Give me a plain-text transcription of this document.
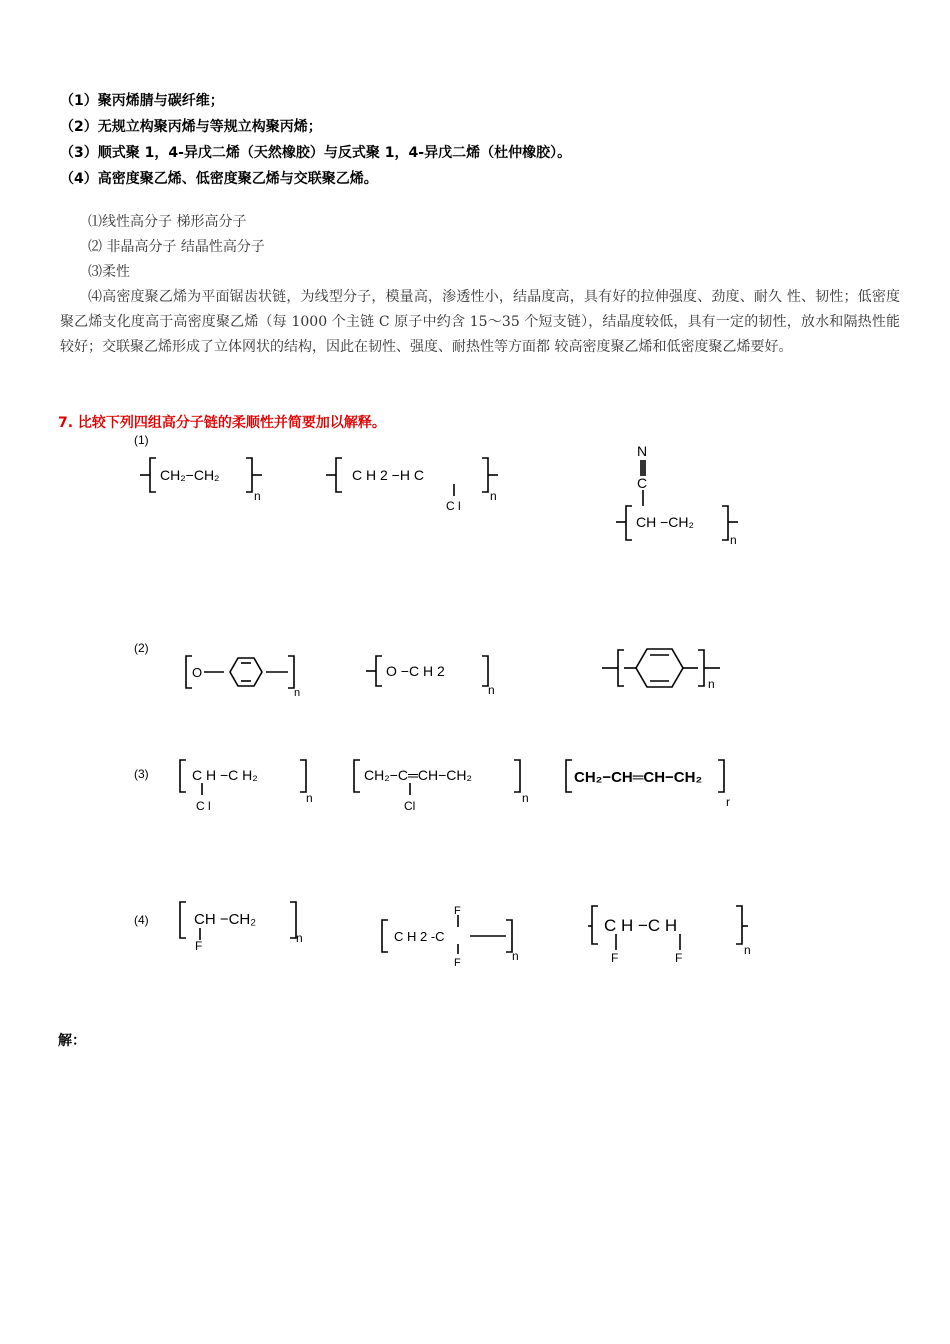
（1）聚丙烯腈与碳纤维；
（2）无规立构聚丙烯与等规立构聚丙烯；
（3）顺式聚 1，4-异戊二烯（天然橡胶）与反式聚 1，4-异戊二烯（杜仲橡胶）。
（4）高密度聚乙烯、低密度聚乙烯与交联聚乙烯。
⑴线性高分子 梯形高分子
⑵ 非晶高分子 结晶性高分子
⑶柔性
⑷高密度聚乙烯为平面锯齿状链，为线型分子，模量高，渗透性小，结晶度高，具有好的拉伸强度、劲度、耐久 性、韧性；低密度聚乙烯支化度高于高密度聚乙烯（每 1000 个主链 C 原子中约含 15～35 个短支链），结晶度较低，具有一定的韧性，放水和隔热性能较好；交联聚乙烯形成了立体网状的结构，因此在韧性、强度、耐热性等方面都 较高密度聚乙烯和低密度聚乙烯要好。
7. 比较下列四组高分子链的柔顺性并简要加以解释。
(1)
(2)
(3)
(4)
CH₂−CH₂
n
C H 2 −H C
C l
n
N
C
CH −CH₂
n
O
n
O −C H 2
n	n
C H −C H₂
C l
n
CH₂−C═CH−CH₂
Cl
n
CH₂−CH═CH−CH₂
r
CH −CH₂
F
n
F
C H 2 -C
F	n
C H −C H
F	F
n
解：
